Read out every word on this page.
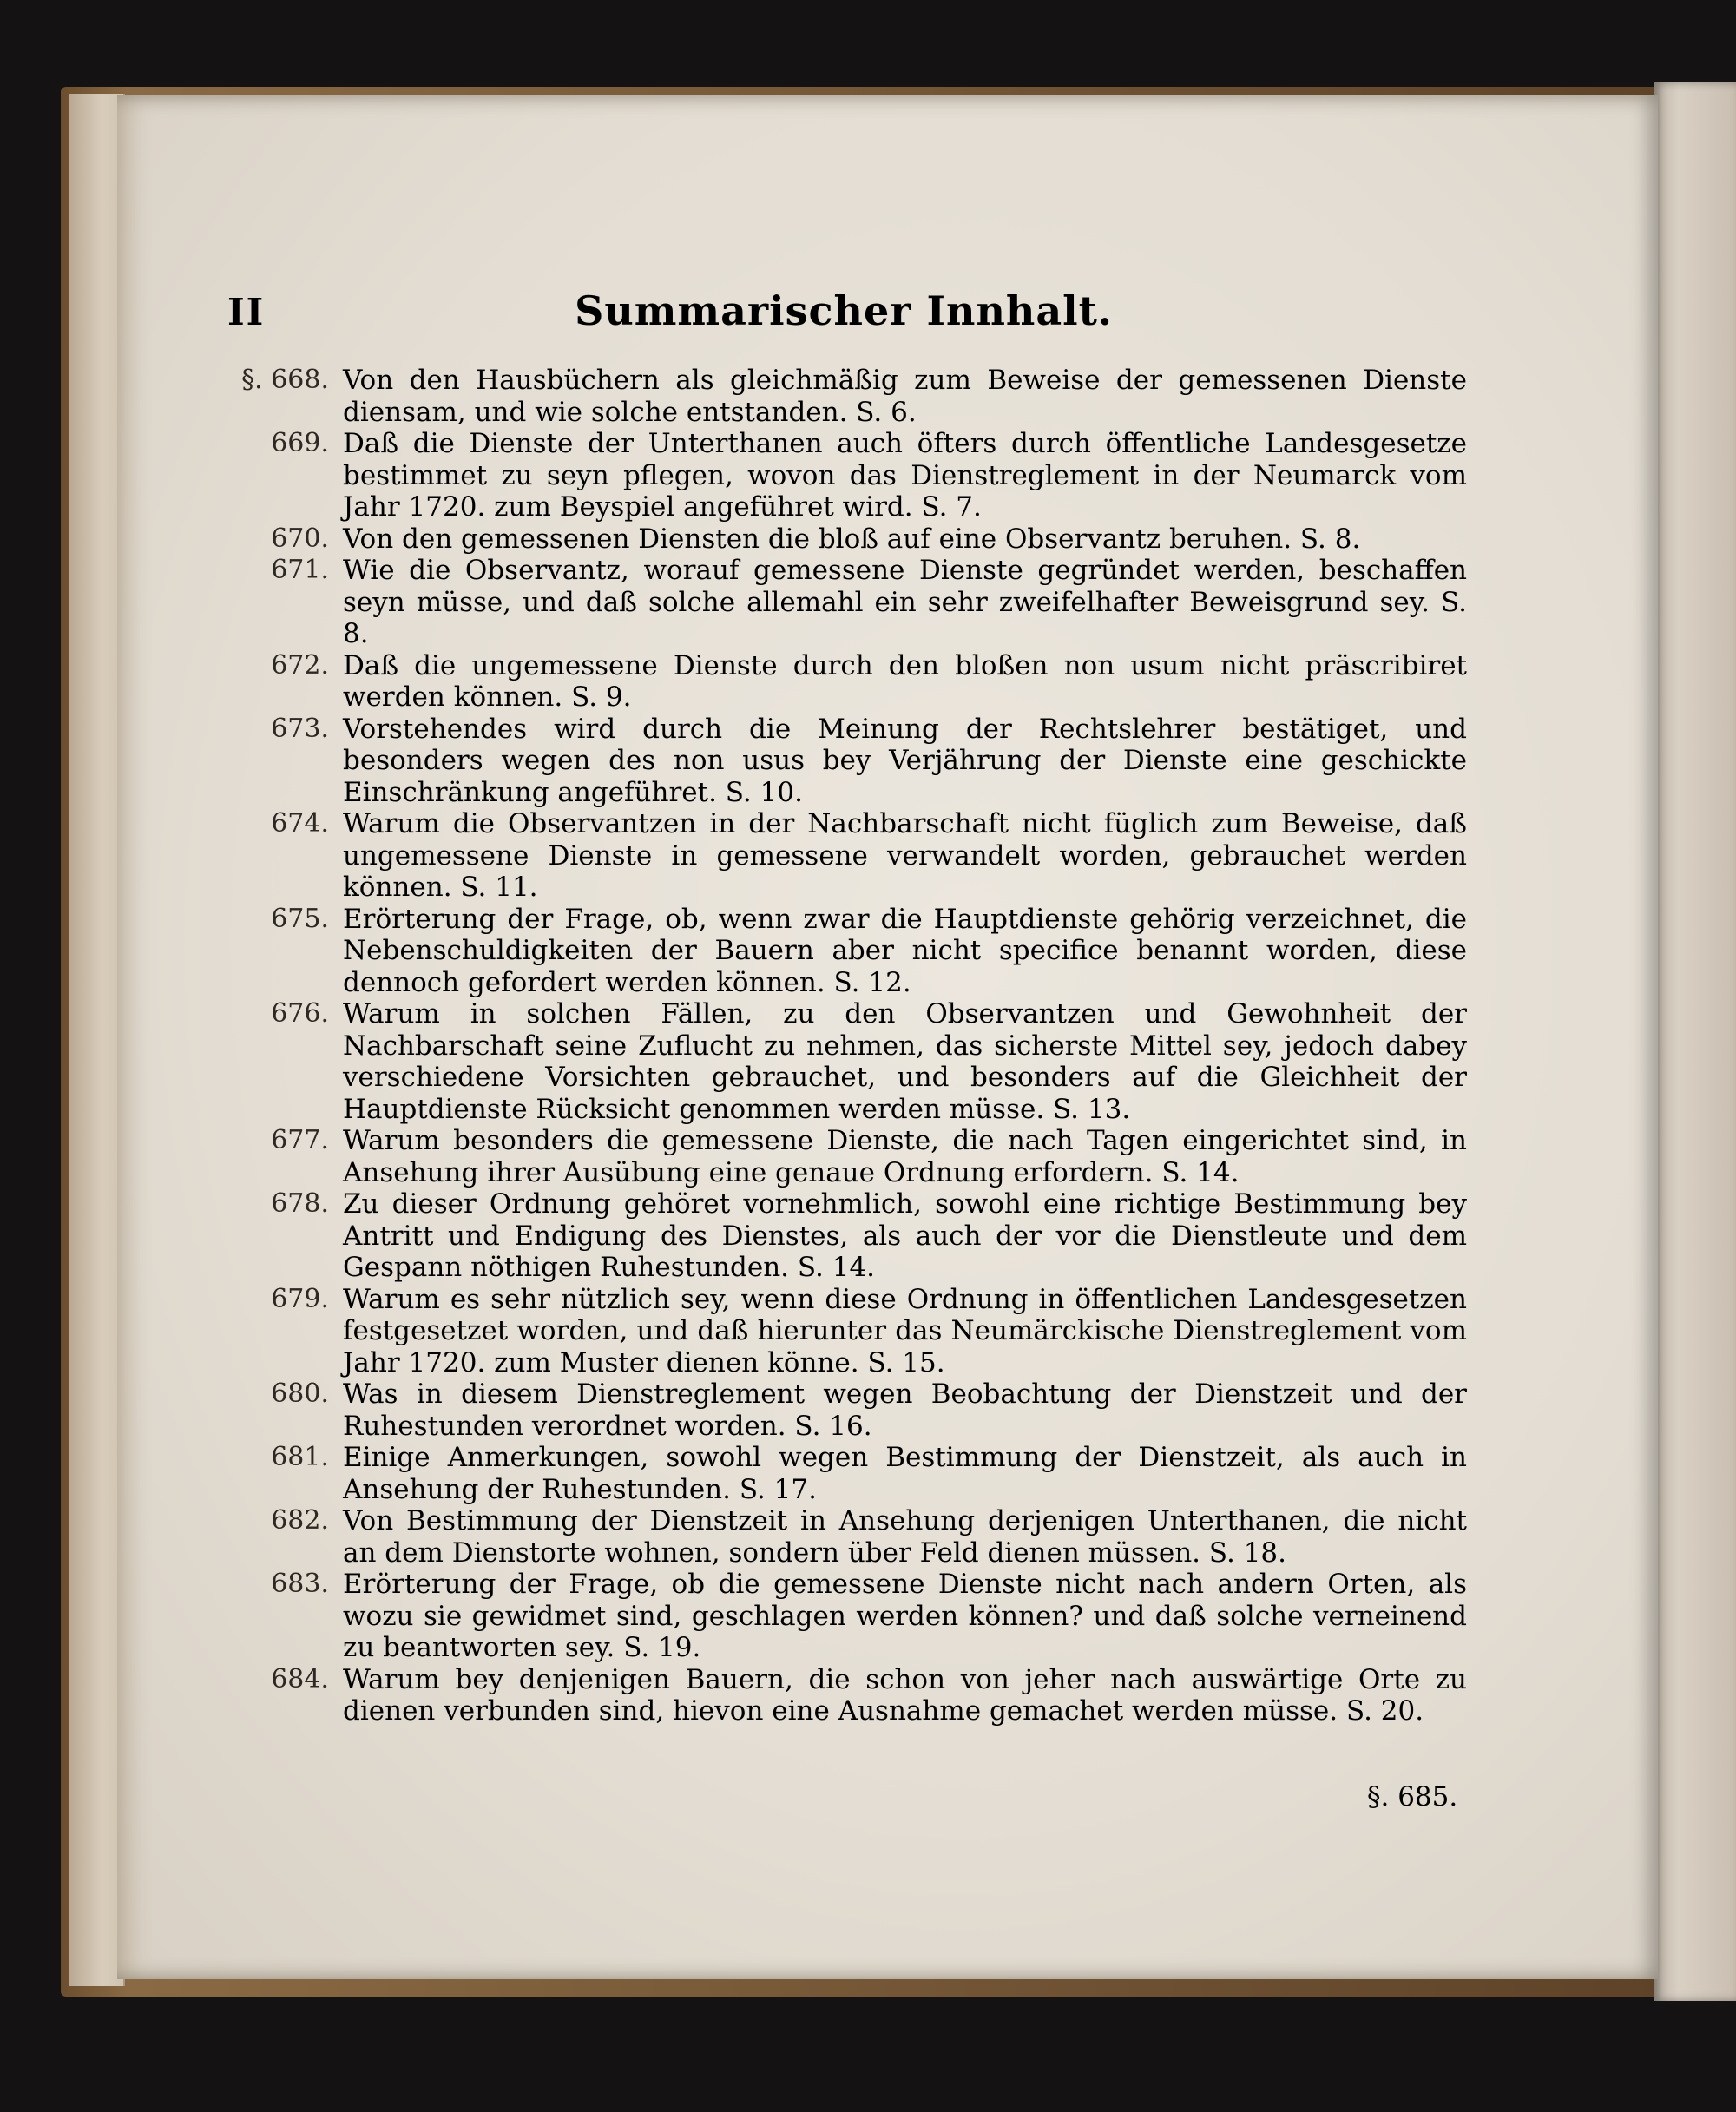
II	Summarischer Innhalt.
§. 668. Von den Hausbüchern als gleichmäßig zum Beweise der gemessenen Dienste diensam, und wie solche entstanden. S. 6.
669. Daß die Dienste der Unterthanen auch öfters durch öffentliche Landesgesetze bestimmet zu seyn pflegen, wovon das Dienstreglement in der Neumarck vom Jahr 1720. zum Beyspiel angeführet wird. S. 7.
670. Von den gemessenen Diensten die bloß auf eine Observantz beruhen. S. 8.
671. Wie die Observantz, worauf gemessene Dienste gegründet werden, beschaffen seyn müsse, und daß solche allemahl ein sehr zweifelhafter Beweisgrund sey. S. 8.
672. Daß die ungemessene Dienste durch den bloßen non usum nicht präscribiret werden können. S. 9.
673. Vorstehendes wird durch die Meinung der Rechtslehrer bestätiget, und besonders wegen des non usus bey Verjährung der Dienste eine geschickte Einschränkung angeführet. S. 10.
674. Warum die Observantzen in der Nachbarschaft nicht füglich zum Beweise, daß ungemessene Dienste in gemessene verwandelt worden, gebrauchet werden können. S. 11.
675. Erörterung der Frage, ob, wenn zwar die Hauptdienste gehörig verzeichnet, die Nebenschuldigkeiten der Bauern aber nicht specifice benannt worden, diese dennoch gefordert werden können. S. 12.
676. Warum in solchen Fällen, zu den Observantzen und Gewohnheit der Nachbarschaft seine Zuflucht zu nehmen, das sicherste Mittel sey, jedoch dabey verschiedene Vorsichten gebrauchet, und besonders auf die Gleichheit der Hauptdienste Rücksicht genommen werden müsse. S. 13.
677. Warum besonders die gemessene Dienste, die nach Tagen eingerichtet sind, in Ansehung ihrer Ausübung eine genaue Ordnung erfordern. S. 14.
678. Zu dieser Ordnung gehöret vornehmlich, sowohl eine richtige Bestimmung bey Antritt und Endigung des Dienstes, als auch der vor die Dienstleute und dem Gespann nöthigen Ruhestunden. S. 14.
679. Warum es sehr nützlich sey, wenn diese Ordnung in öffentlichen Landesgesetzen festgesetzet worden, und daß hierunter das Neumärckische Dienstreglement vom Jahr 1720. zum Muster dienen könne. S. 15.
680. Was in diesem Dienstreglement wegen Beobachtung der Dienstzeit und der Ruhestunden verordnet worden. S. 16.
681. Einige Anmerkungen, sowohl wegen Bestimmung der Dienstzeit, als auch in Ansehung der Ruhestunden. S. 17.
682. Von Bestimmung der Dienstzeit in Ansehung derjenigen Unterthanen, die nicht an dem Dienstorte wohnen, sondern über Feld dienen müssen. S. 18.
683. Erörterung der Frage, ob die gemessene Dienste nicht nach andern Orten, als wozu sie gewidmet sind, geschlagen werden können? und daß solche verneinend zu beantworten sey. S. 19.
684. Warum bey denjenigen Bauern, die schon von jeher nach auswärtige Orte zu dienen verbunden sind, hievon eine Ausnahme gemachet werden müsse. S. 20.
§. 685.
